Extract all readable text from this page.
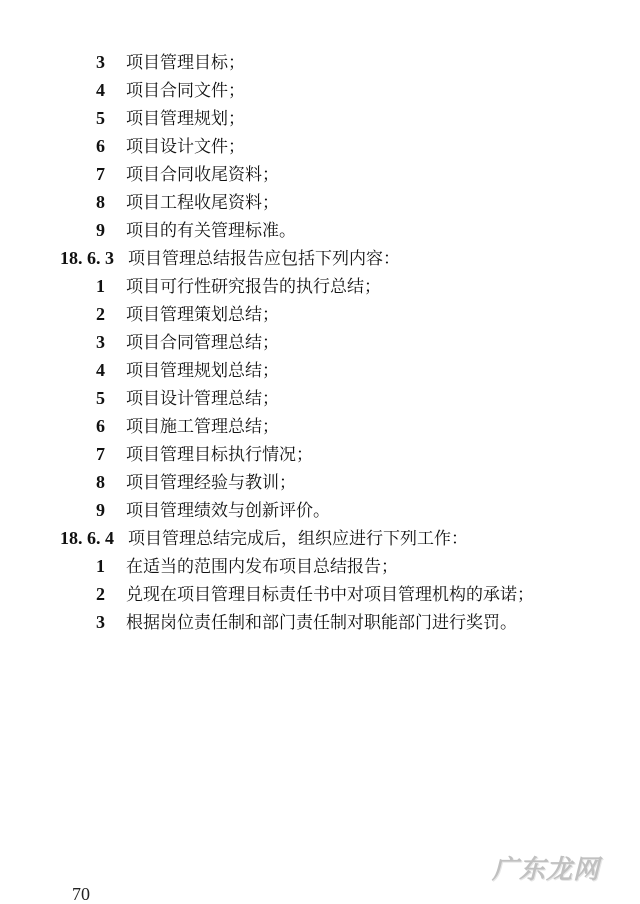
3 项目管理目标；
4 项目合同文件；
5 项目管理规划；
6 项目设计文件；
7 项目合同收尾资料；
8 项目工程收尾资料；
9 项目的有关管理标准。
18. 6. 3 项目管理总结报告应包括下列内容：
1 项目可行性研究报告的执行总结；
2 项目管理策划总结；
3 项目合同管理总结；
4 项目管理规划总结；
5 项目设计管理总结；
6 项目施工管理总结；
7 项目管理目标执行情况；
8 项目管理经验与教训；
9 项目管理绩效与创新评价。
18. 6. 4 项目管理总结完成后，组织应进行下列工作：
1 在适当的范围内发布项目总结报告；
2 兑现在项目管理目标责任书中对项目管理机构的承诺；
3 根据岗位责任制和部门责任制对职能部门进行奖罚。
广东龙网
70
